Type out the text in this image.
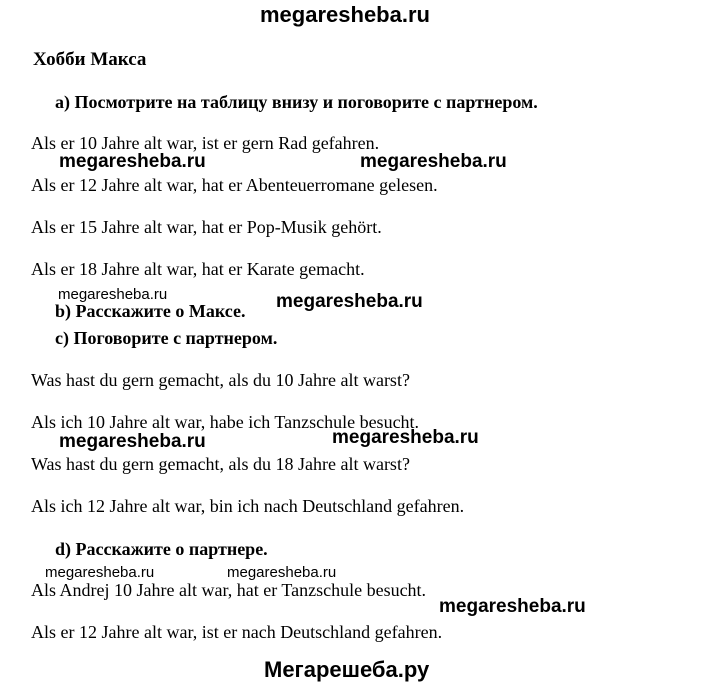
megaresheba.ru
Хобби Макса
a) Посмотрите на таблицу внизу и поговорите с партнером.
Als er 10 Jahre alt war, ist er gern Rad gefahren.
megaresheba.ru	megaresheba.ru
Als er 12 Jahre alt war, hat er Abenteuerromane gelesen.
Als er 15 Jahre alt war, hat er Pop-Musik gehört.
Als er 18 Jahre alt war, hat er Karate gemacht.
megaresheba.ru	megaresheba.ru
b) Расскажите о Максе.
c) Поговорите с партнером.
Was hast du gern gemacht, als du 10 Jahre alt warst?
Als ich 10 Jahre alt war, habe ich Tanzschule besucht.
megaresheba.ru	megaresheba.ru
Was hast du gern gemacht, als du 18 Jahre alt warst?
Als ich 12 Jahre alt war, bin ich nach Deutschland gefahren.
d) Расскажите о партнере.
megaresheba.ru	megaresheba.ru
Als Andrej 10 Jahre alt war, hat er Tanzschule besucht.
megaresheba.ru
Als er 12 Jahre alt war, ist er nach Deutschland gefahren.
Мегарешеба.ру
